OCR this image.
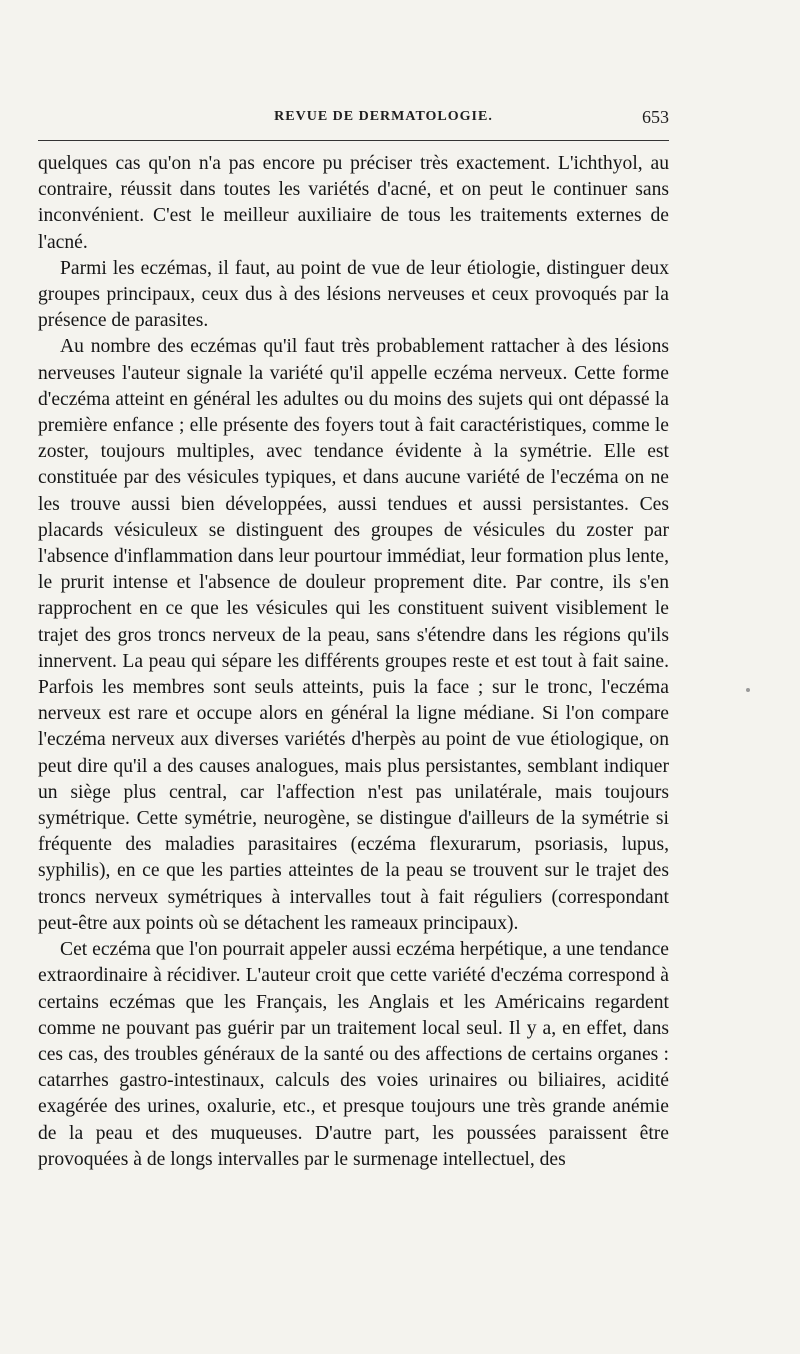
REVUE DE DERMATOLOGIE.	653

quelques cas qu'on n'a pas encore pu préciser très exactement. L'ichthyol, au contraire, réussit dans toutes les variétés d'acné, et on peut le continuer sans inconvénient. C'est le meilleur auxiliaire de tous les traitements externes de l'acné.

Parmi les eczémas, il faut, au point de vue de leur étiologie, distinguer deux groupes principaux, ceux dus à des lésions nerveuses et ceux provoqués par la présence de parasites.

Au nombre des eczémas qu'il faut très probablement rattacher à des lésions nerveuses l'auteur signale la variété qu'il appelle eczéma nerveux. Cette forme d'eczéma atteint en général les adultes ou du moins des sujets qui ont dépassé la première enfance ; elle présente des foyers tout à fait caractéristiques, comme le zoster, toujours multiples, avec tendance évidente à la symétrie. Elle est constituée par des vésicules typiques, et dans aucune variété de l'eczéma on ne les trouve aussi bien développées, aussi tendues et aussi persistantes. Ces placards vésiculeux se distinguent des groupes de vésicules du zoster par l'absence d'inflammation dans leur pourtour immédiat, leur formation plus lente, le prurit intense et l'absence de douleur proprement dite. Par contre, ils s'en rapprochent en ce que les vésicules qui les constituent suivent visiblement le trajet des gros troncs nerveux de la peau, sans s'étendre dans les régions qu'ils innervent. La peau qui sépare les différents groupes reste et est tout à fait saine. Parfois les membres sont seuls atteints, puis la face ; sur le tronc, l'eczéma nerveux est rare et occupe alors en général la ligne médiane. Si l'on compare l'eczéma nerveux aux diverses variétés d'herpès au point de vue étiologique, on peut dire qu'il a des causes analogues, mais plus persistantes, semblant indiquer un siège plus central, car l'affection n'est pas unilatérale, mais toujours symétrique. Cette symétrie, neurogène, se distingue d'ailleurs de la symétrie si fréquente des maladies parasitaires (eczéma flexurarum, psoriasis, lupus, syphilis), en ce que les parties atteintes de la peau se trouvent sur le trajet des troncs nerveux symétriques à intervalles tout à fait réguliers (correspondant peut-être aux points où se détachent les rameaux principaux).

Cet eczéma que l'on pourrait appeler aussi eczéma herpétique, a une tendance extraordinaire à récidiver. L'auteur croit que cette variété d'eczéma correspond à certains eczémas que les Français, les Anglais et les Américains regardent comme ne pouvant pas guérir par un traitement local seul. Il y a, en effet, dans ces cas, des troubles généraux de la santé ou des affections de certains organes : catarrhes gastro-intestinaux, calculs des voies urinaires ou biliaires, acidité exagérée des urines, oxalurie, etc., et presque toujours une très grande anémie de la peau et des muqueuses. D'autre part, les poussées paraissent être provoquées à de longs intervalles par le surmenage intellectuel, des
